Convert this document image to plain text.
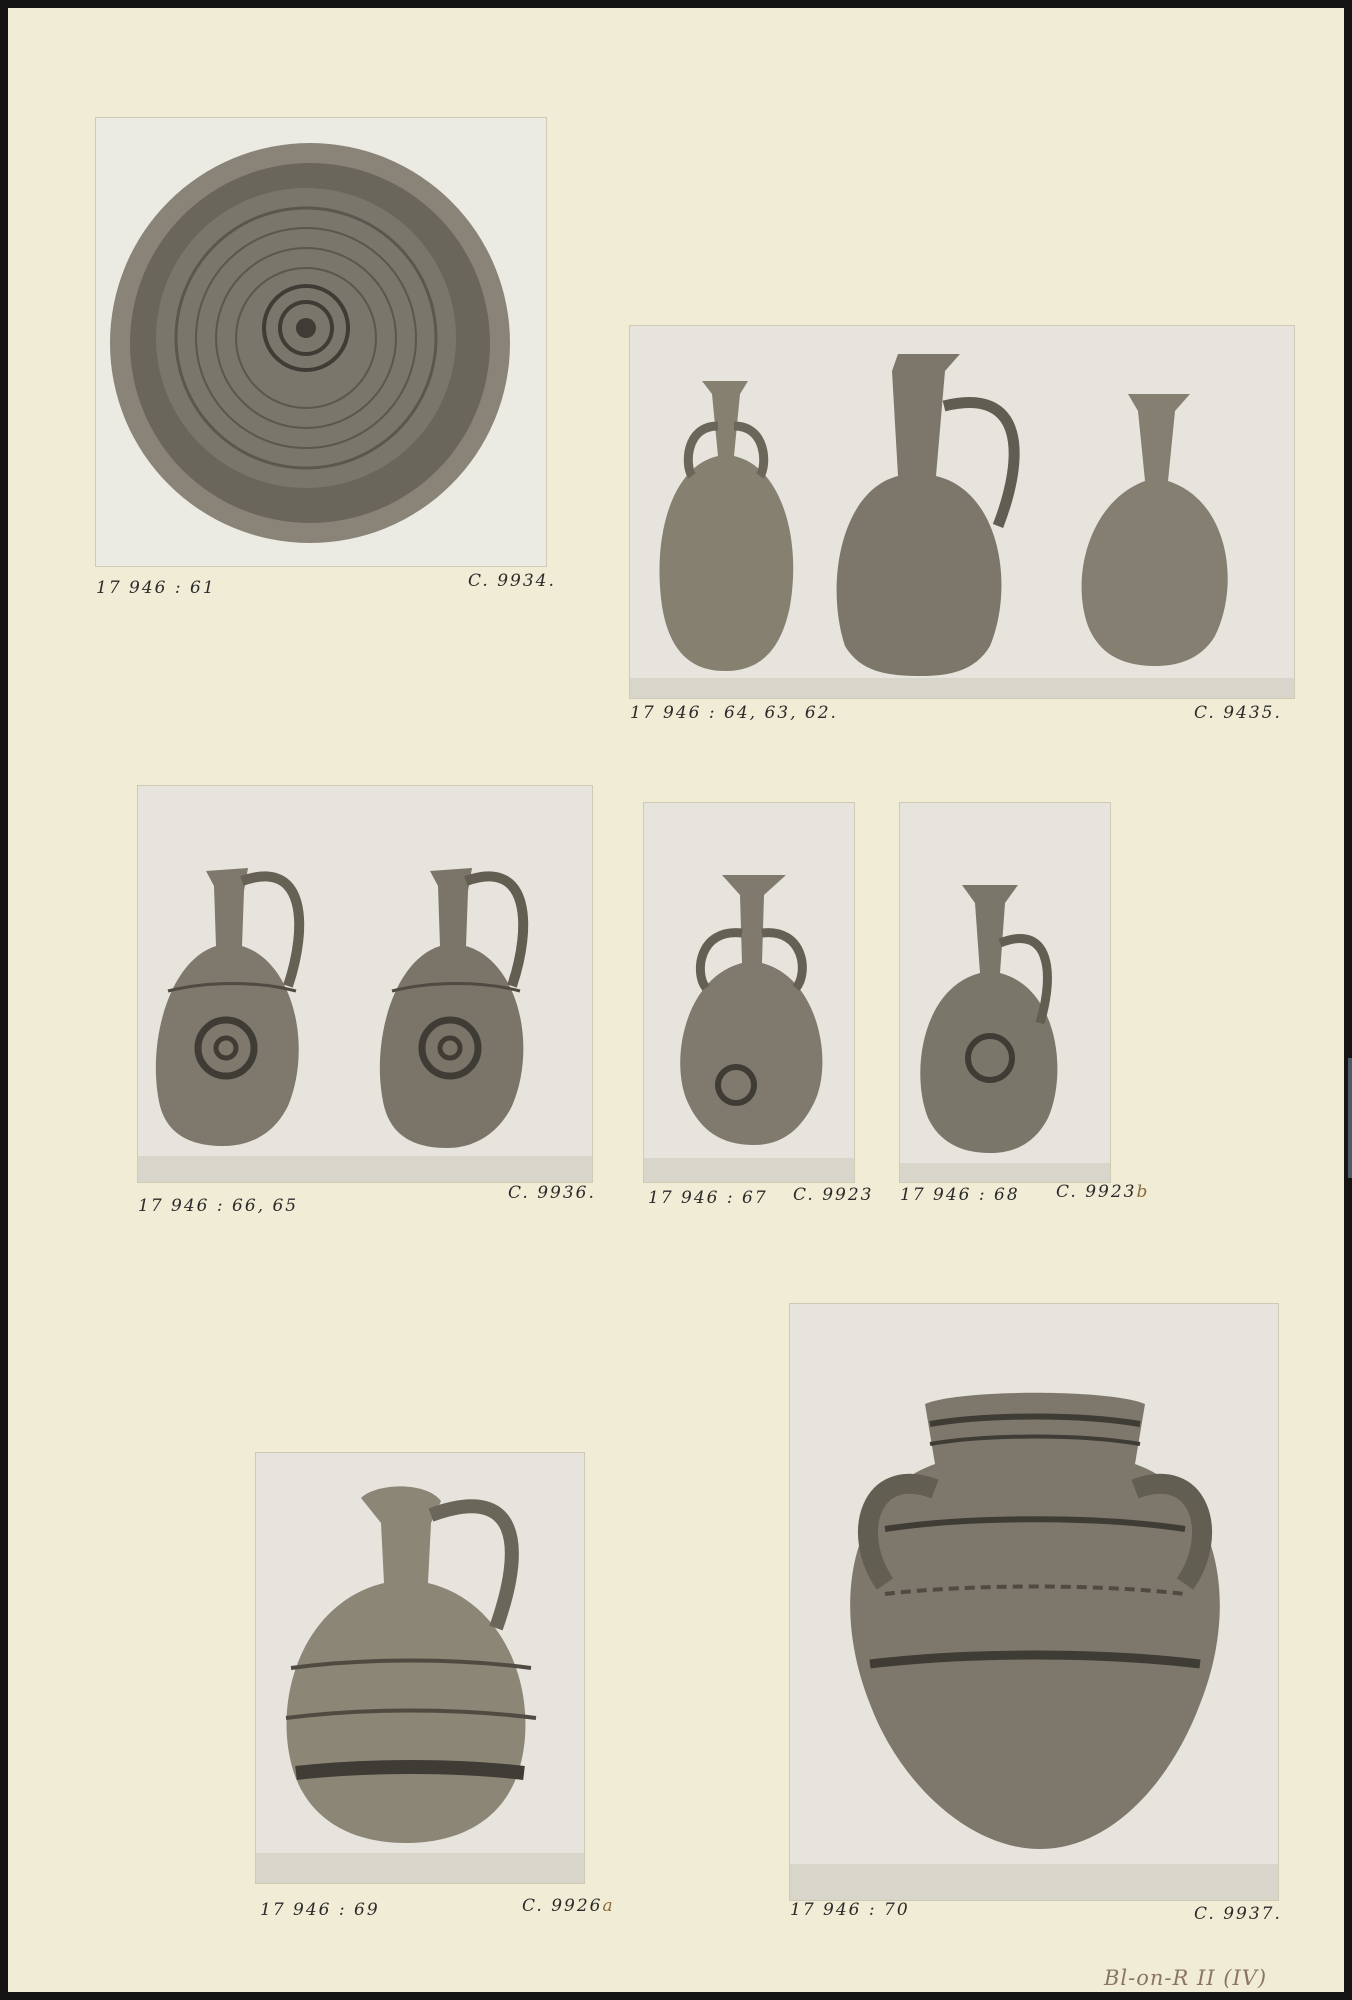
17 946 : 61	C. 9934.
17 946 : 64, 63, 62.	C. 9435.
17 946 : 66, 65
C. 9936.	17 946 : 67 C. 9923 17 946 : 68 C. 9923b
17 946 : 69	C. 9926a	17 946 : 70	C. 9937.
Bl-on-R II (IV)
